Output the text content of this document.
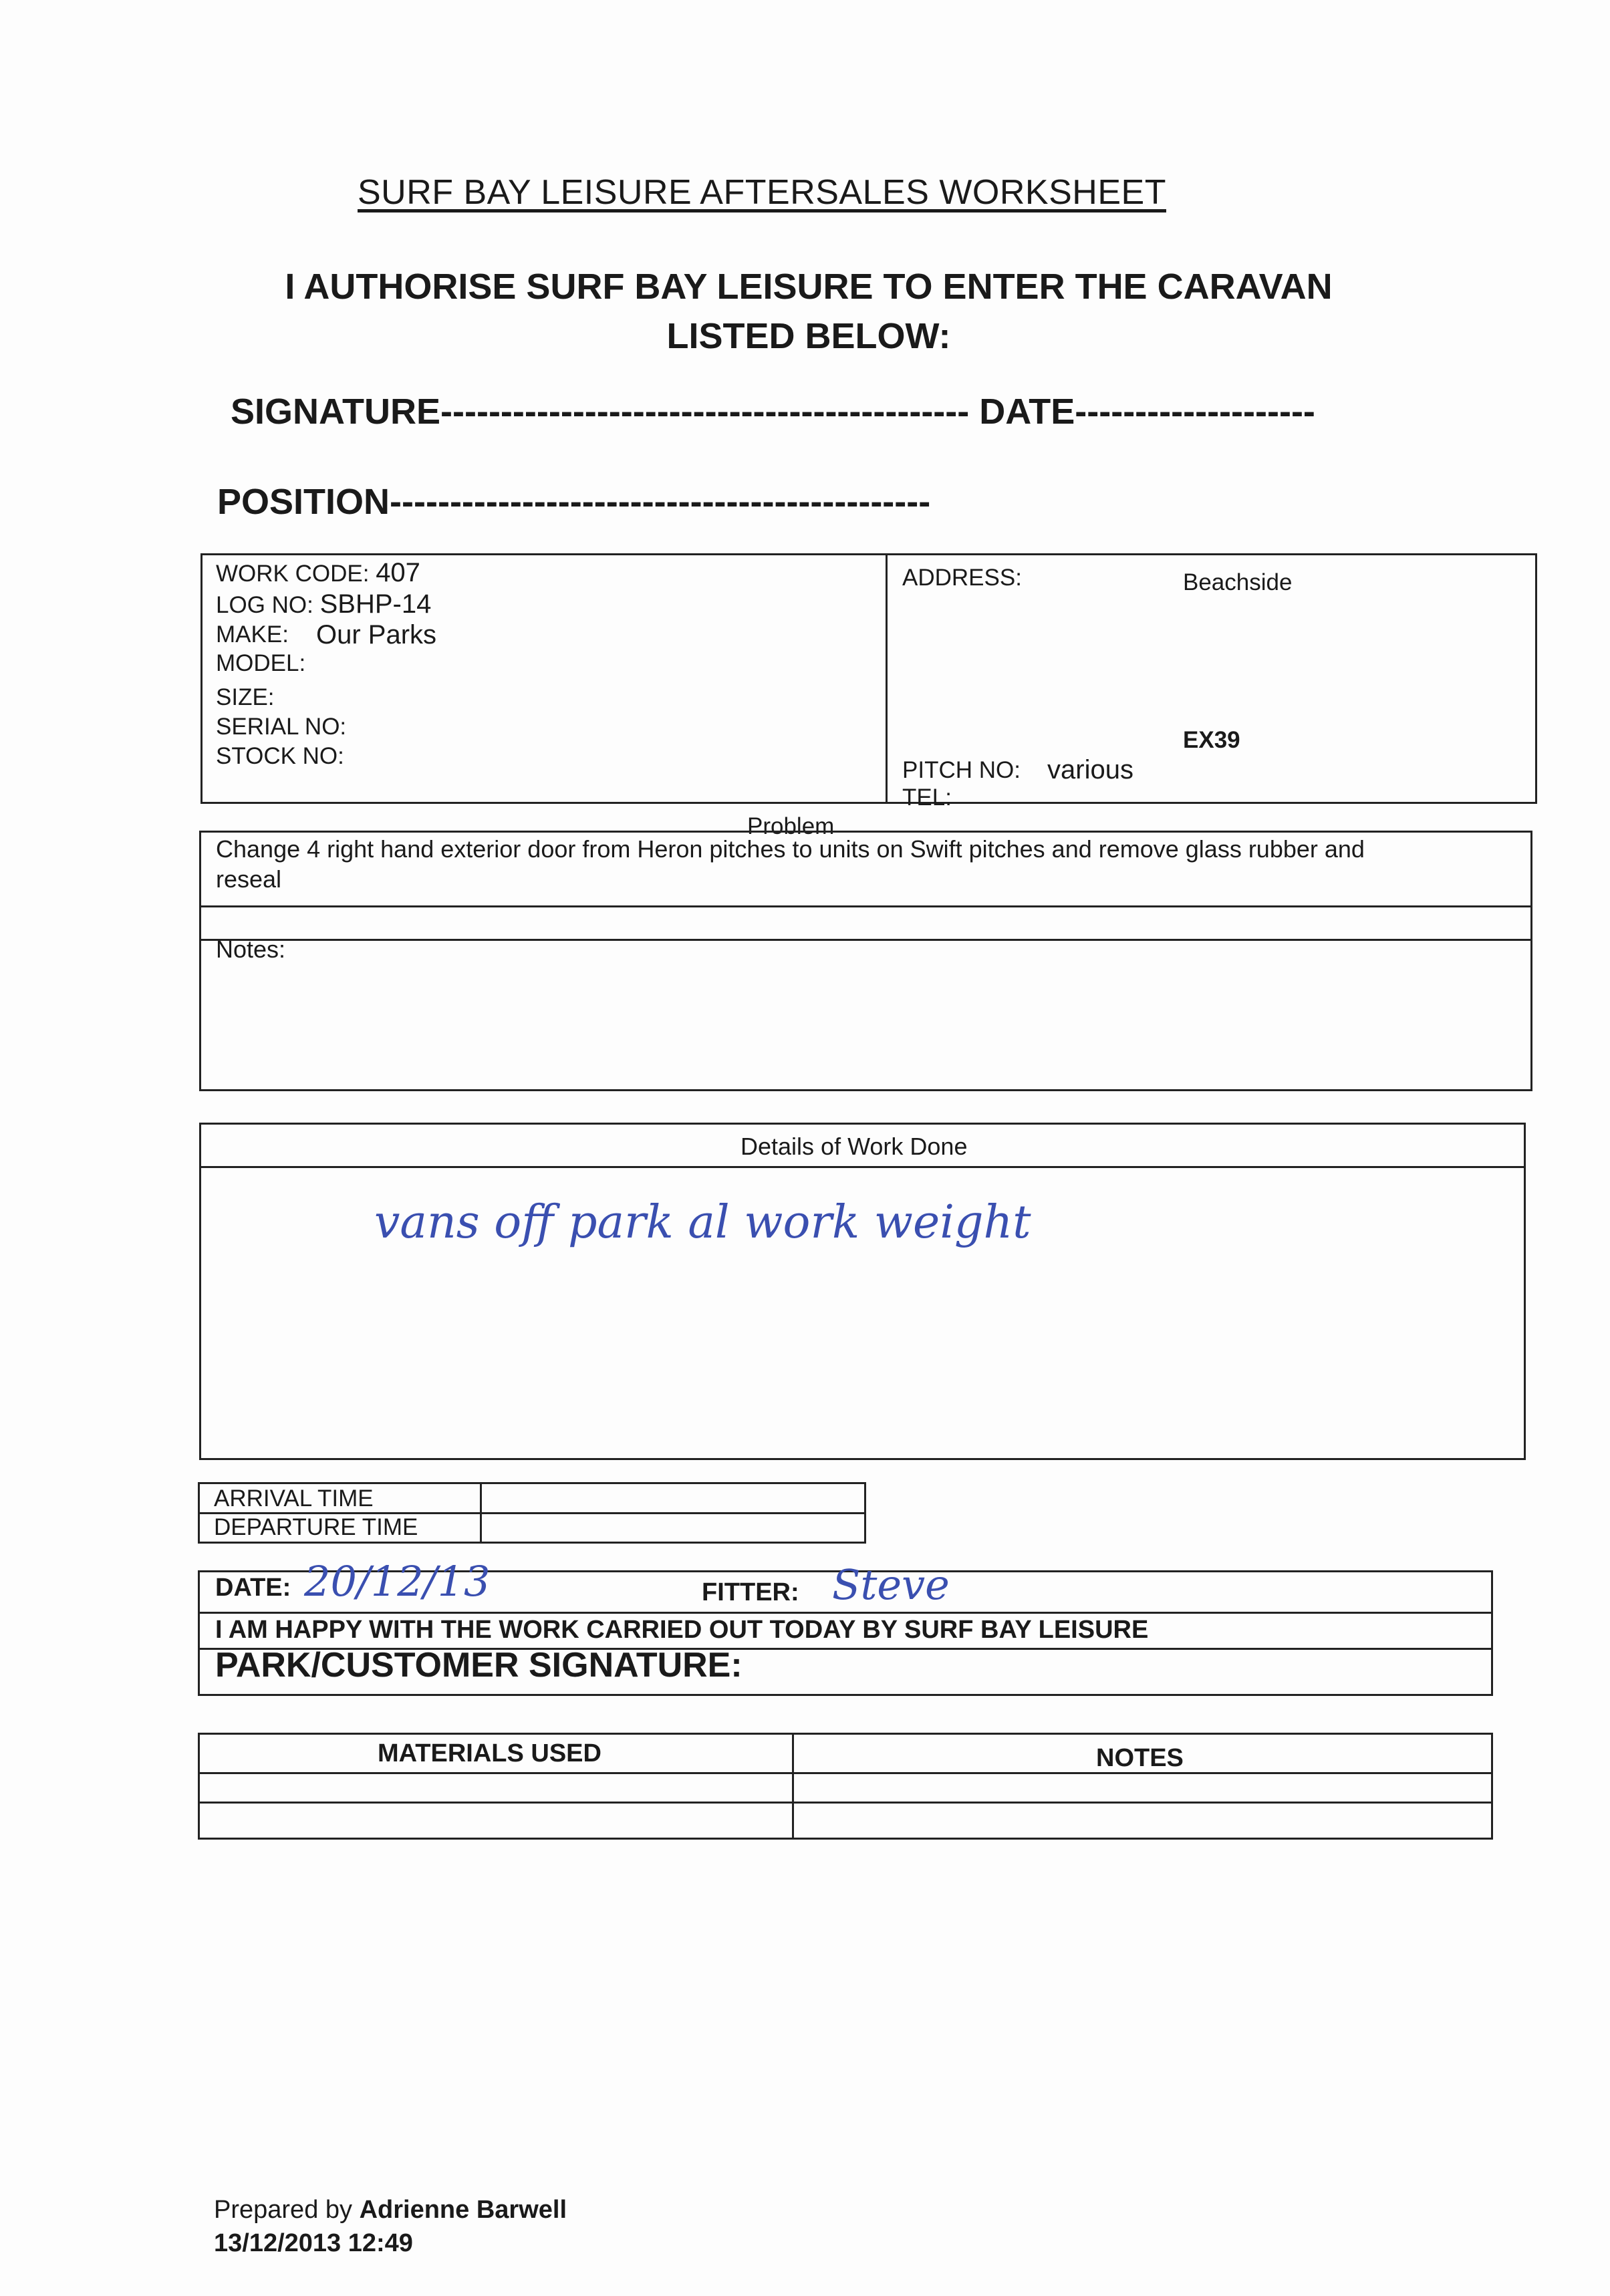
SURF BAY LEISURE AFTERSALES WORKSHEET
I AUTHORISE SURF BAY LEISURE TO ENTER THE CARAVAN
LISTED BELOW:
SIGNATURE-------------------------------------------- DATE--------------------
POSITION---------------------------------------------
WORK CODE: 407
LOG NO: SBHP-14
MAKE: Our Parks
MODEL:
SIZE:
SERIAL NO:
STOCK NO:
ADDRESS:	Beachside
EX39
PITCH NO: various
TEL:
Problem
Change 4 right hand exterior door from Heron pitches to units on Swift pitches and remove glass rubber and
reseal
Notes:
Details of Work Done
vans off park al work weight
ARRIVAL TIME
DEPARTURE TIME
DATE: 20/12/13	FITTER: Steve
I AM HAPPY WITH THE WORK CARRIED OUT TODAY BY SURF BAY LEISURE
PARK/CUSTOMER SIGNATURE:
MATERIALS USED	NOTES
Prepared by Adrienne Barwell
13/12/2013 12:49
